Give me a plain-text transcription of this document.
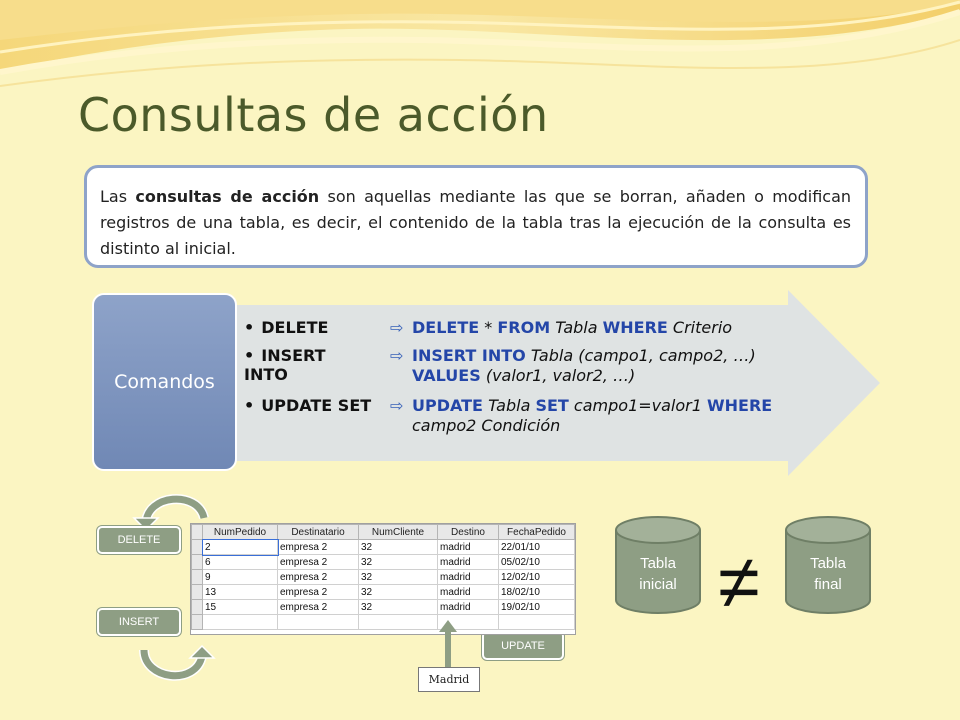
Consultas de acción
Las consultas de acción son aquellas mediante las que se borran, añaden o modifican registros de una tabla, es decir, el contenido de la tabla tras la ejecución de la consulta es distinto al inicial.
Comandos
• DELETE	⇨ DELETE * FROM Tabla WHERE Criterio
• INSERT INTO
⇨ INSERT INTO Tabla (campo1, campo2, …)
VALUES (valor1, valor2, …)
• UPDATE SET ⇨ UPDATE Tabla SET campo1=valor1 WHERE
campo2 Condición
DELETE
INSERT
UPDATE
	NumPedido	Destinatario	NumCliente	Destino	FechaPedido
	2	empresa 2	32	madrid	22/01/10
	6	empresa 2	32	madrid	05/02/10
	9	empresa 2	32	madrid	12/02/10
	13	empresa 2	32	madrid	18/02/10
	15	empresa 2	32	madrid	19/02/10

Madrid
Tabla
inicial
Tabla
final
≠
